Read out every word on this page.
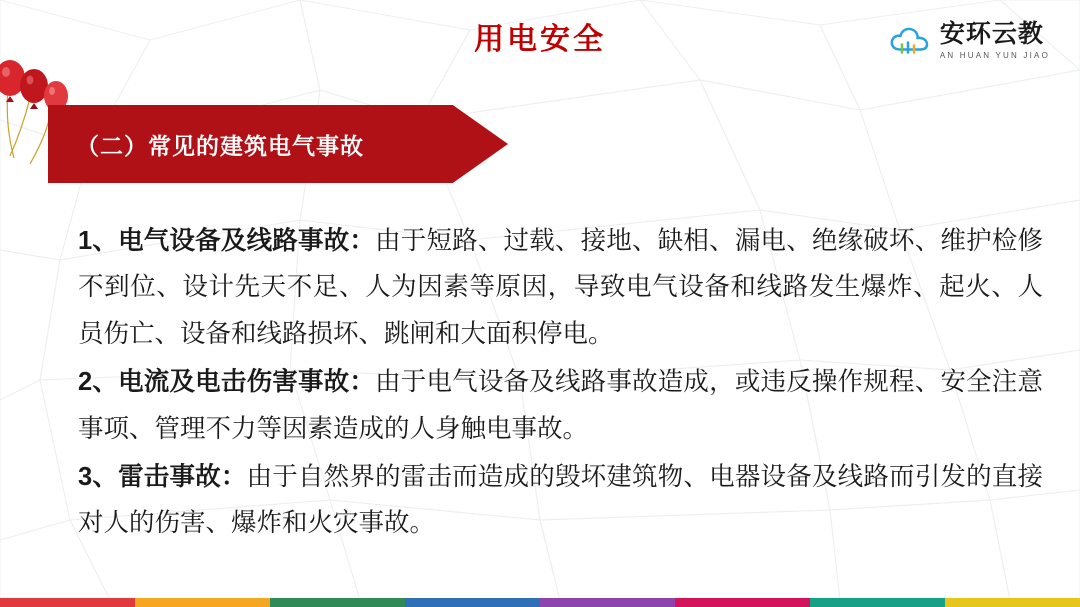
用电安全	安环云教
AN HUAN YUN JIAO
（二）常见的建筑电气事故

1、电气设备及线路事故：由于短路、过载、接地、缺相、漏电、绝缘破坏、维护检修不到位、设计先天不足、人为因素等原因，导致电气设备和线路发生爆炸、起火、人员伤亡、设备和线路损坏、跳闸和大面积停电。

2、电流及电击伤害事故：由于电气设备及线路事故造成，或违反操作规程、安全注意事项、管理不力等因素造成的人身触电事故。

3、雷击事故：由于自然界的雷击而造成的毁坏建筑物、电器设备及线路而引发的直接对人的伤害、爆炸和火灾事故。
